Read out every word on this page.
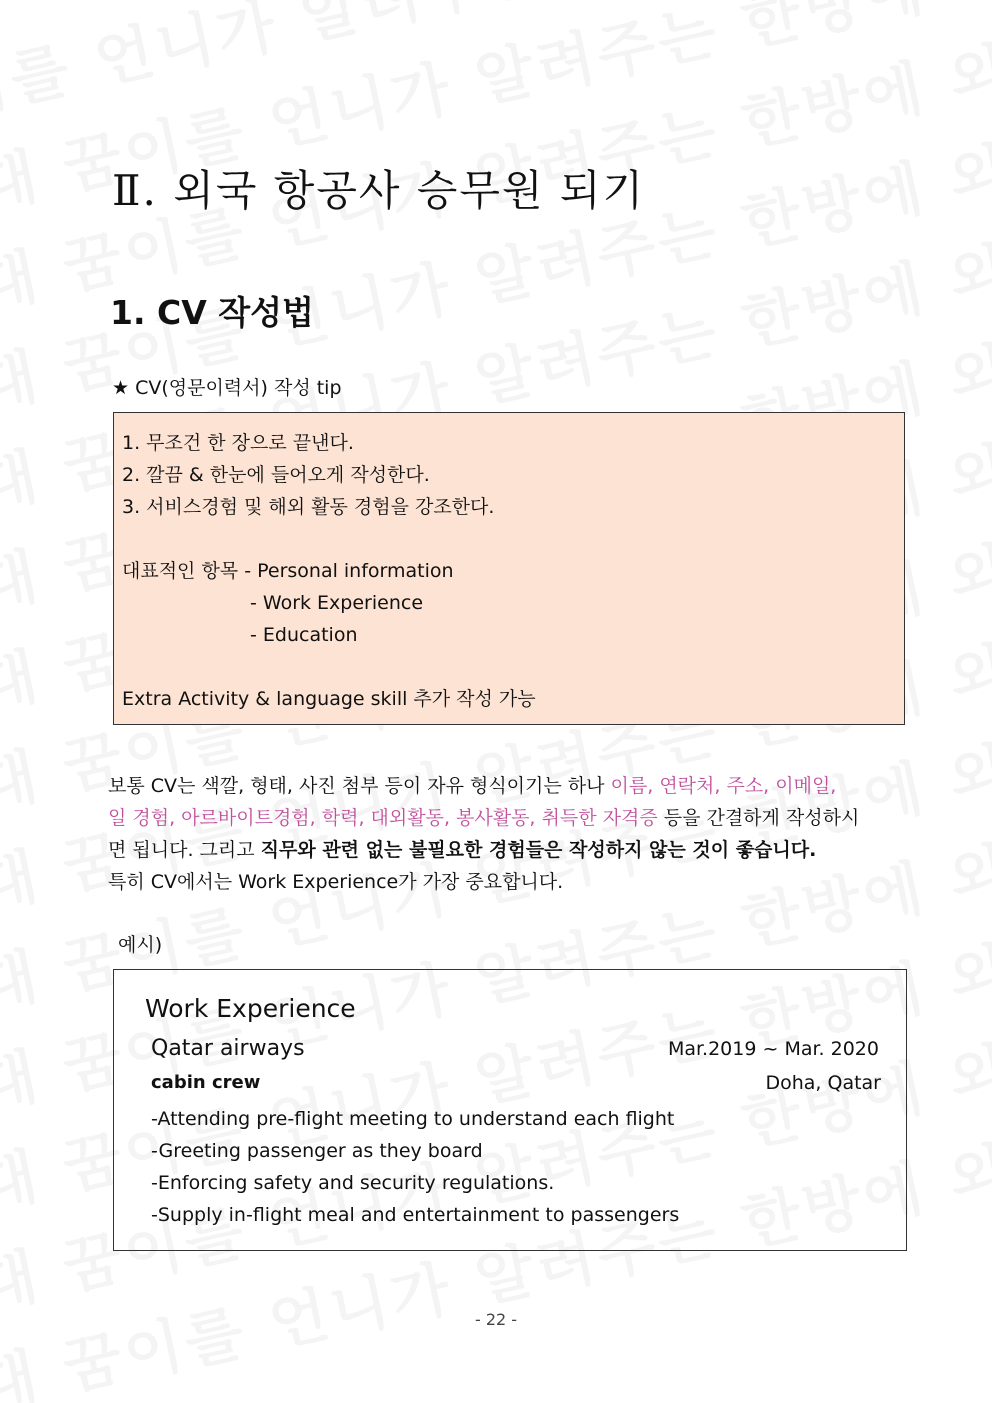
Ⅱ. 외국 항공사 승무원 되기
1. CV 작성법
★ CV(영문이력서) 작성 tip
1. 무조건 한 장으로 끝낸다.
2. 깔끔 & 한눈에 들어오게 작성한다.
3. 서비스경험 및 해외 활동 경험을 강조한다.
대표적인 항목 - Personal information
- Work Experience
- Education
Extra Activity & language skill 추가 작성 가능
보통 CV는 색깔, 형태, 사진 첨부 등이 자유 형식이기는 하나 이름, 연락처, 주소, 이메일,
일 경험, 아르바이트경험, 학력, 대외활동, 봉사활동, 취득한 자격증 등을 간결하게 작성하시
면 됩니다. 그리고 직무와 관련 없는 불필요한 경험들은 작성하지 않는 것이 좋습니다.
특히 CV에서는 Work Experience가 가장 중요합니다.
예시)
Work Experience
Qatar airways	Mar.2019 ~ Mar. 2020
cabin crew	Doha, Qatar
-Attending pre-flight meeting to understand each flight
-Greeting passenger as they board
-Enforcing safety and security regulations.
-Supply in-flight meal and entertainment to passengers
- 22 -
